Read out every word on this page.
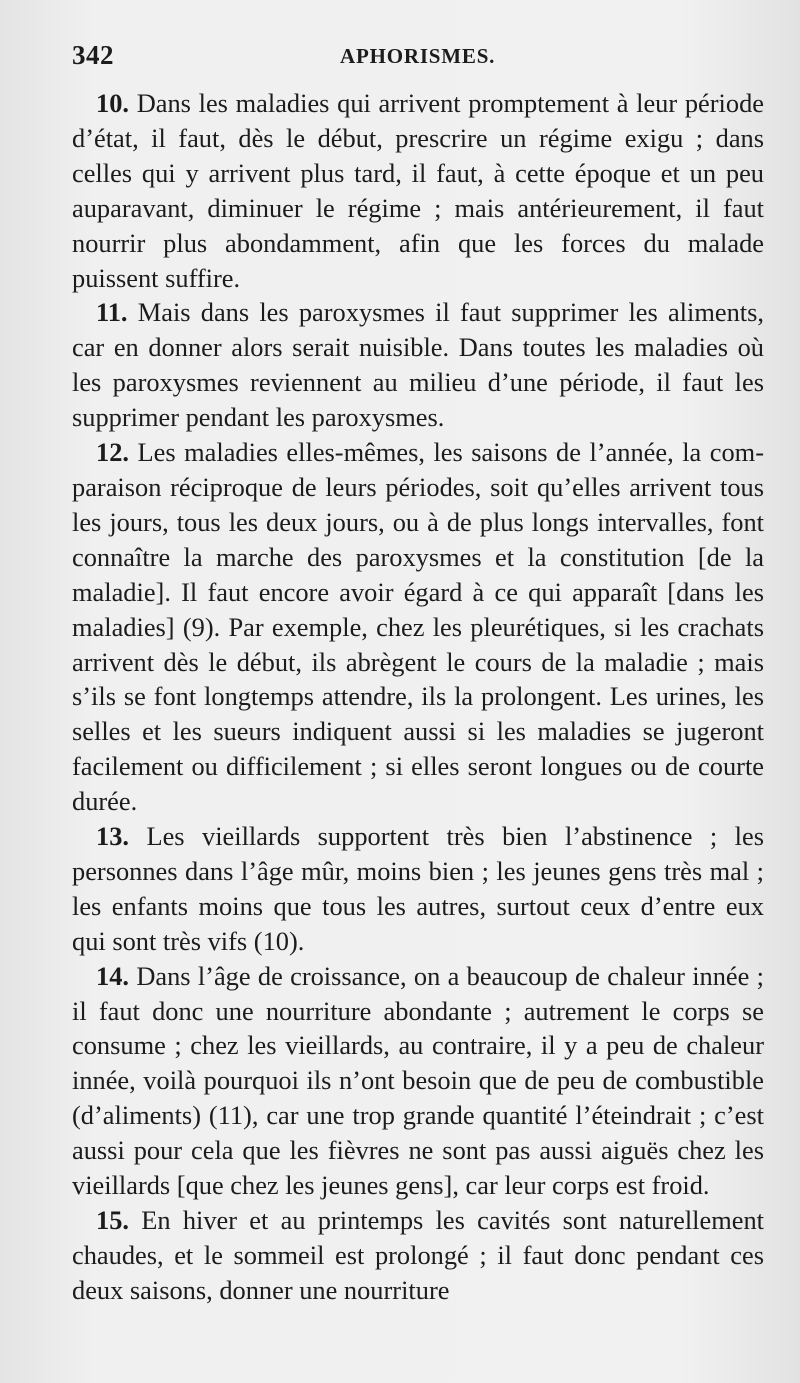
342	APHORISMES.

10. Dans les maladies qui arrivent promptement à leur période d’état, il faut, dès le début, prescrire un régime exigu ; dans celles qui y arrivent plus tard, il faut, à cette époque et un peu auparavant, diminuer le régime ; mais antérieurement, il faut nourrir plus abondamment, afin que les forces du malade puissent suffire.

11. Mais dans les paroxysmes il faut supprimer les aliments, car en donner alors serait nuisible. Dans toutes les maladies où les paroxysmes reviennent au milieu d’une période, il faut les supprimer pendant les paroxysmes.

12. Les maladies elles-mêmes, les saisons de l’année, la comparaison réciproque de leurs périodes, soit qu’elles arrivent tous les jours, tous les deux jours, ou à de plus longs intervalles, font connaître la marche des paroxysmes et la constitution [de la maladie]. Il faut encore avoir égard à ce qui apparaît [dans les maladies] (9). Par exemple, chez les pleurétiques, si les crachats arrivent dès le début, ils abrègent le cours de la maladie ; mais s’ils se font longtemps attendre, ils la prolongent. Les urines, les selles et les sueurs indiquent aussi si les maladies se jugeront facilement ou difficilement ; si elles seront longues ou de courte durée.

13. Les vieillards supportent très bien l’abstinence ; les personnes dans l’âge mûr, moins bien ; les jeunes gens très mal ; les enfants moins que tous les autres, surtout ceux d’entre eux qui sont très vifs (10).

14. Dans l’âge de croissance, on a beaucoup de chaleur innée ; il faut donc une nourriture abondante ; autrement le corps se consume ; chez les vieillards, au contraire, il y a peu de chaleur innée, voilà pourquoi ils n’ont besoin que de peu de combustible (d’aliments) (11), car une trop grande quantité l’éteindrait ; c’est aussi pour cela que les fièvres ne sont pas aussi aiguës chez les vieillards [que chez les jeunes gens], car leur corps est froid.

15. En hiver et au printemps les cavités sont naturellement chaudes, et le sommeil est prolongé ; il faut donc pendant ces deux saisons, donner une nourriture
